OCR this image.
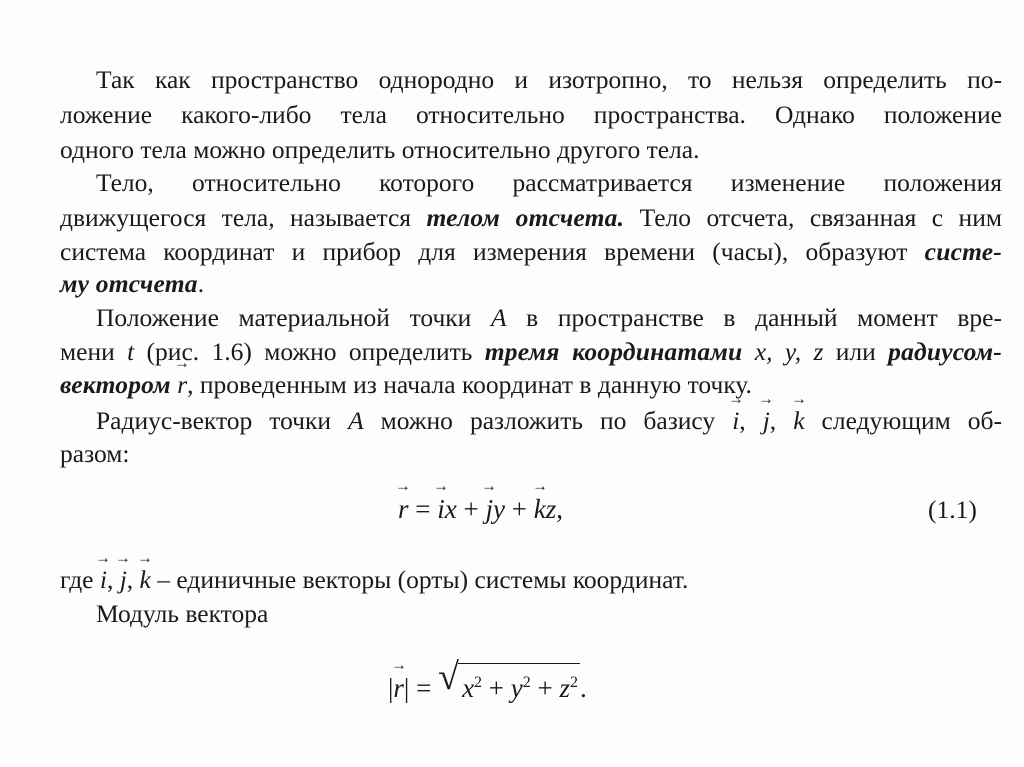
Так как пространство однородно и изотропно, то нельзя определить по-
ложение какого-либо тела относительно пространства. Однако положение
одного тела можно определить относительно другого тела.
Тело, относительно которого рассматривается изменение положения
движущегося тела, называется телом отсчета. Тело отсчета, связанная с ним
система координат и прибор для измерения времени (часы), образуют систе-
му отсчета.
Положение материальной точки A в пространстве в данный момент вре-
мени t (рис. 1.6) можно определить тремя координатами x, y, z или радиусом-
вектором → r, проведенным из начала координат в данную точку.
Радиус-вектор точки A можно разложить по базису → i, → j, → k следующим об-
разом:
→ r = → ix + → jy + → kz,	(1.1)
где → i, → j, → k – единичные векторы (орты) системы координат.
Модуль вектора
|→ r| = √ $x^2 + y^2 + z^2$.
